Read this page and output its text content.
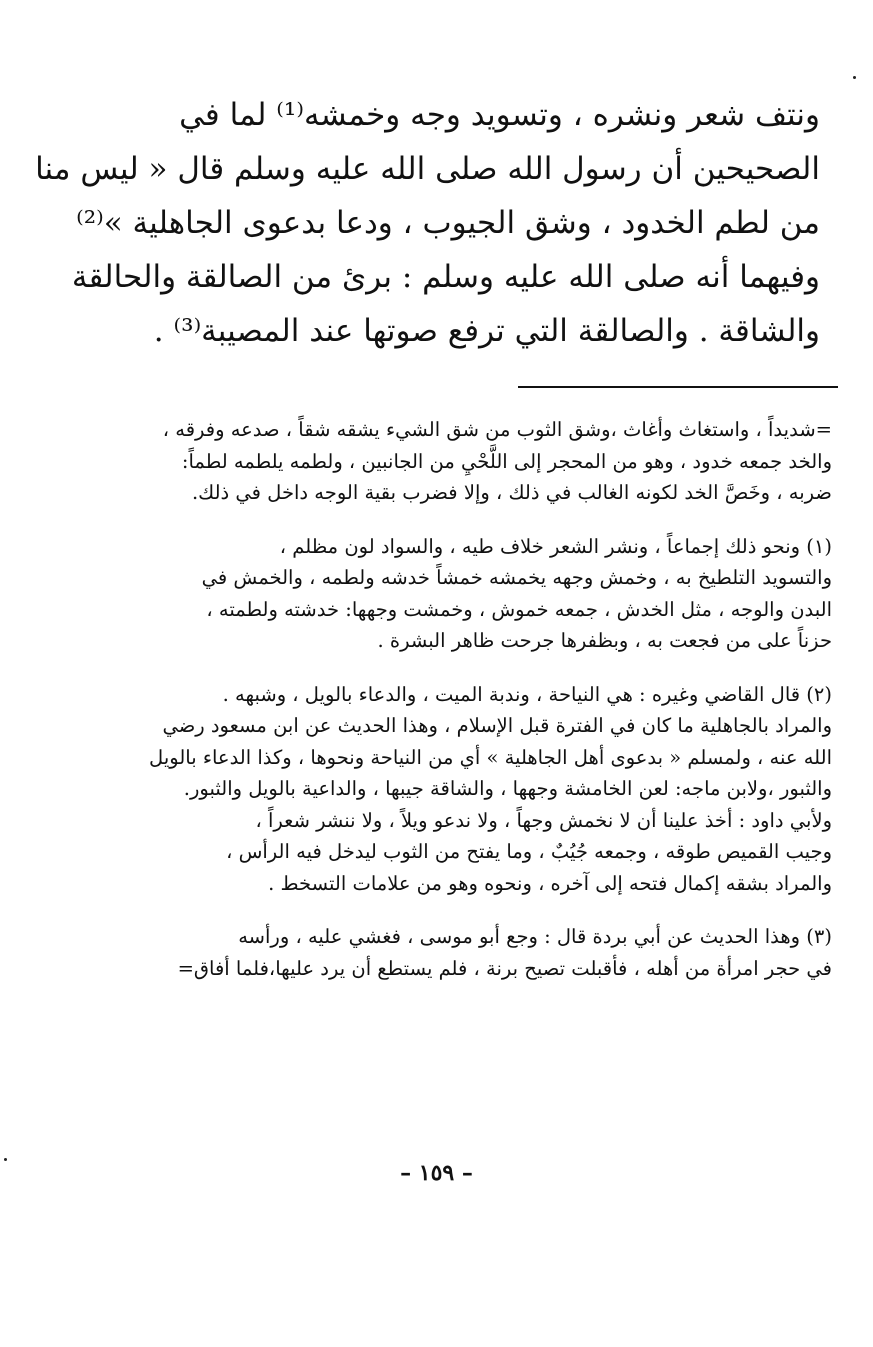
ونتف شعر ونشره ، وتسويد وجه وخمشه⁽¹⁾ لما في
الصحيحين أن رسول الله صلى الله عليه وسلم قال « ليس منا
من لطم الخدود ، وشق الجيوب ، ودعا بدعوى الجاهلية »⁽²⁾
وفيهما أنه صلى الله عليه وسلم : برئ من الصالقة والحالقة
والشاقة . والصالقة التي ترفع صوتها عند المصيبة⁽³⁾ .
=شديداً ، واستغاث وأغاث ،وشق الثوب من شق الشيء يشقه شقاً ، صدعه وفرقه ،
والخد جمعه خدود ، وهو من المحجر إلى اللَّحْيِ من الجانبين ، ولطمه يلطمه لطماً:
ضربه ، وخَصَّ الخد لكونه الغالب في ذلك ، وإلا فضرب بقية الوجه داخل في ذلك.
(١) ونحو ذلك إجماعاً ، ونشر الشعر خلاف طيه ، والسواد لون مظلم ،
والتسويد التلطيخ به ، وخمش وجهه يخمشه خمشاً خدشه ولطمه ، والخمش في
البدن والوجه ، مثل الخدش ، جمعه خموش ، وخمشت وجهها: خدشته ولطمته ،
حزناً على من فجعت به ، وبظفرها جرحت ظاهر البشرة .
(٢) قال القاضي وغيره : هي النياحة ، وندبة الميت ، والدعاء بالويل ، وشبهه .
والمراد بالجاهلية ما كان في الفترة قبل الإسلام ، وهذا الحديث عن ابن مسعود رضي
الله عنه ، ولمسلم « بدعوى أهل الجاهلية » أي من النياحة ونحوها ، وكذا الدعاء بالويل
والثبور ،ولابن ماجه: لعن الخامشة وجهها ، والشاقة جيبها ، والداعية بالويل والثبور.
ولأبي داود : أخذ علينا أن لا نخمش وجهاً ، ولا ندعو ويلاً ، ولا ننشر شعراً ،
وجيب القميص طوقه ، وجمعه جُيُبٌ ، وما يفتح من الثوب ليدخل فيه الرأس ،
والمراد بشقه إكمال فتحه إلى آخره ، ونحوه وهو من علامات التسخط .
(٣) وهذا الحديث عن أبي بردة قال : وجع أبو موسى ، فغشي عليه ، ورأسه
في حجر امرأة من أهله ، فأقبلت تصيح برنة ، فلم يستطع أن يرد عليها،فلما أفاق=
– ١٥٩ –
